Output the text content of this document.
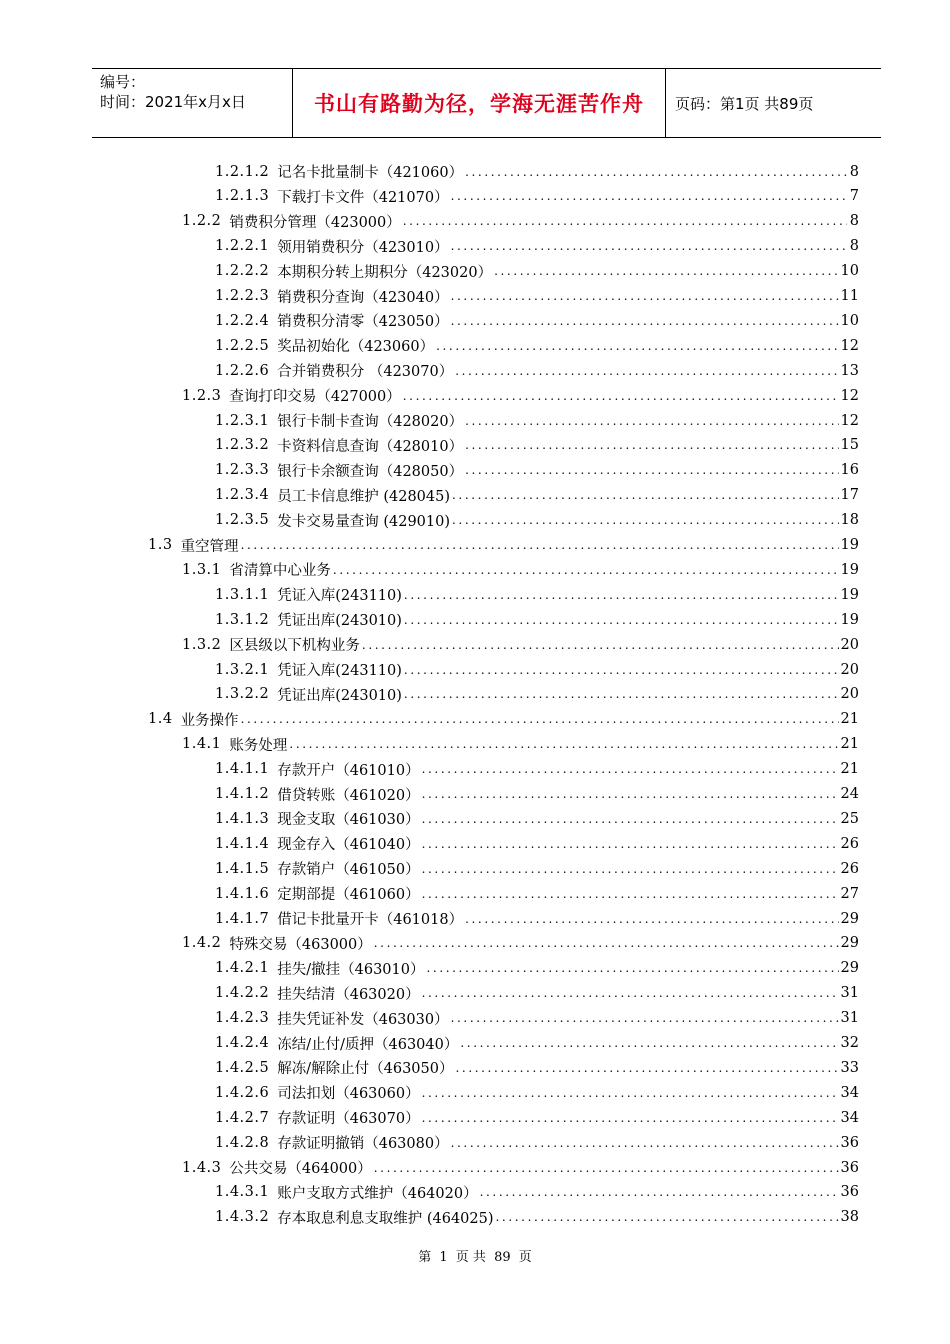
编号：
时间：2021年x月x日	书山有路勤为径，学海无涯苦作舟 页码：第1页 共89页
1.2.1.2 记名卡批量制卡（421060） .....	8
1.2.1.3 下载打卡文件（421070） .....	7
1.2.2 销费积分管理（423000） .....	8
1.2.2.1 领用销费积分（423010） .....	8
1.2.2.2 本期积分转上期积分（423020） .....	10
1.2.2.3 销费积分查询（423040） .....	11
1.2.2.4 销费积分清零（423050） .....	10
1.2.2.5 奖品初始化（423060） .....	12
1.2.2.6 合并销费积分 （423070） .....	13
1.2.3 查询打印交易（427000） .....	12
1.2.3.1 银行卡制卡查询（428020） .....	12
1.2.3.2 卡资料信息查询（428010） .....	15
1.2.3.3 银行卡余额查询（428050） .....	16
1.2.3.4 员工卡信息维护 (428045) .....	17
1.2.3.5 发卡交易量查询 (429010) .....	18
1.3 重空管理 .....	19
1.3.1 省清算中心业务 .....	19
1.3.1.1 凭证入库(243110) .....	19
1.3.1.2 凭证出库(243010) .....	19
1.3.2 区县级以下机构业务 .....	20
1.3.2.1 凭证入库(243110) .....	20
1.3.2.2 凭证出库(243010) .....	20
1.4 业务操作 .....	21
1.4.1 账务处理 .....	21
1.4.1.1 存款开户（461010） .....	21
1.4.1.2 借贷转账（461020） .....	24
1.4.1.3 现金支取（461030） .....	25
1.4.1.4 现金存入（461040） .....	26
1.4.1.5 存款销户（461050） .....	26
1.4.1.6 定期部提（461060） .....	27
1.4.1.7 借记卡批量开卡（461018） .....	29
1.4.2 特殊交易（463000） .....	29
1.4.2.1 挂失/撤挂（463010） .....	29
1.4.2.2 挂失结清（463020） .....	31
1.4.2.3 挂失凭证补发（463030） .....	31
1.4.2.4 冻结/止付/质押（463040） .....	32
1.4.2.5 解冻/解除止付（463050） .....	33
1.4.2.6 司法扣划（463060） .....	34
1.4.2.7 存款证明（463070） .....	34
1.4.2.8 存款证明撤销（463080） .....	36
1.4.3 公共交易（464000） .....	36
1.4.3.1 账户支取方式维护（464020） .....	36
1.4.3.2 存本取息利息支取维护 (464025) .....	38
第 1 页 共 89 页
